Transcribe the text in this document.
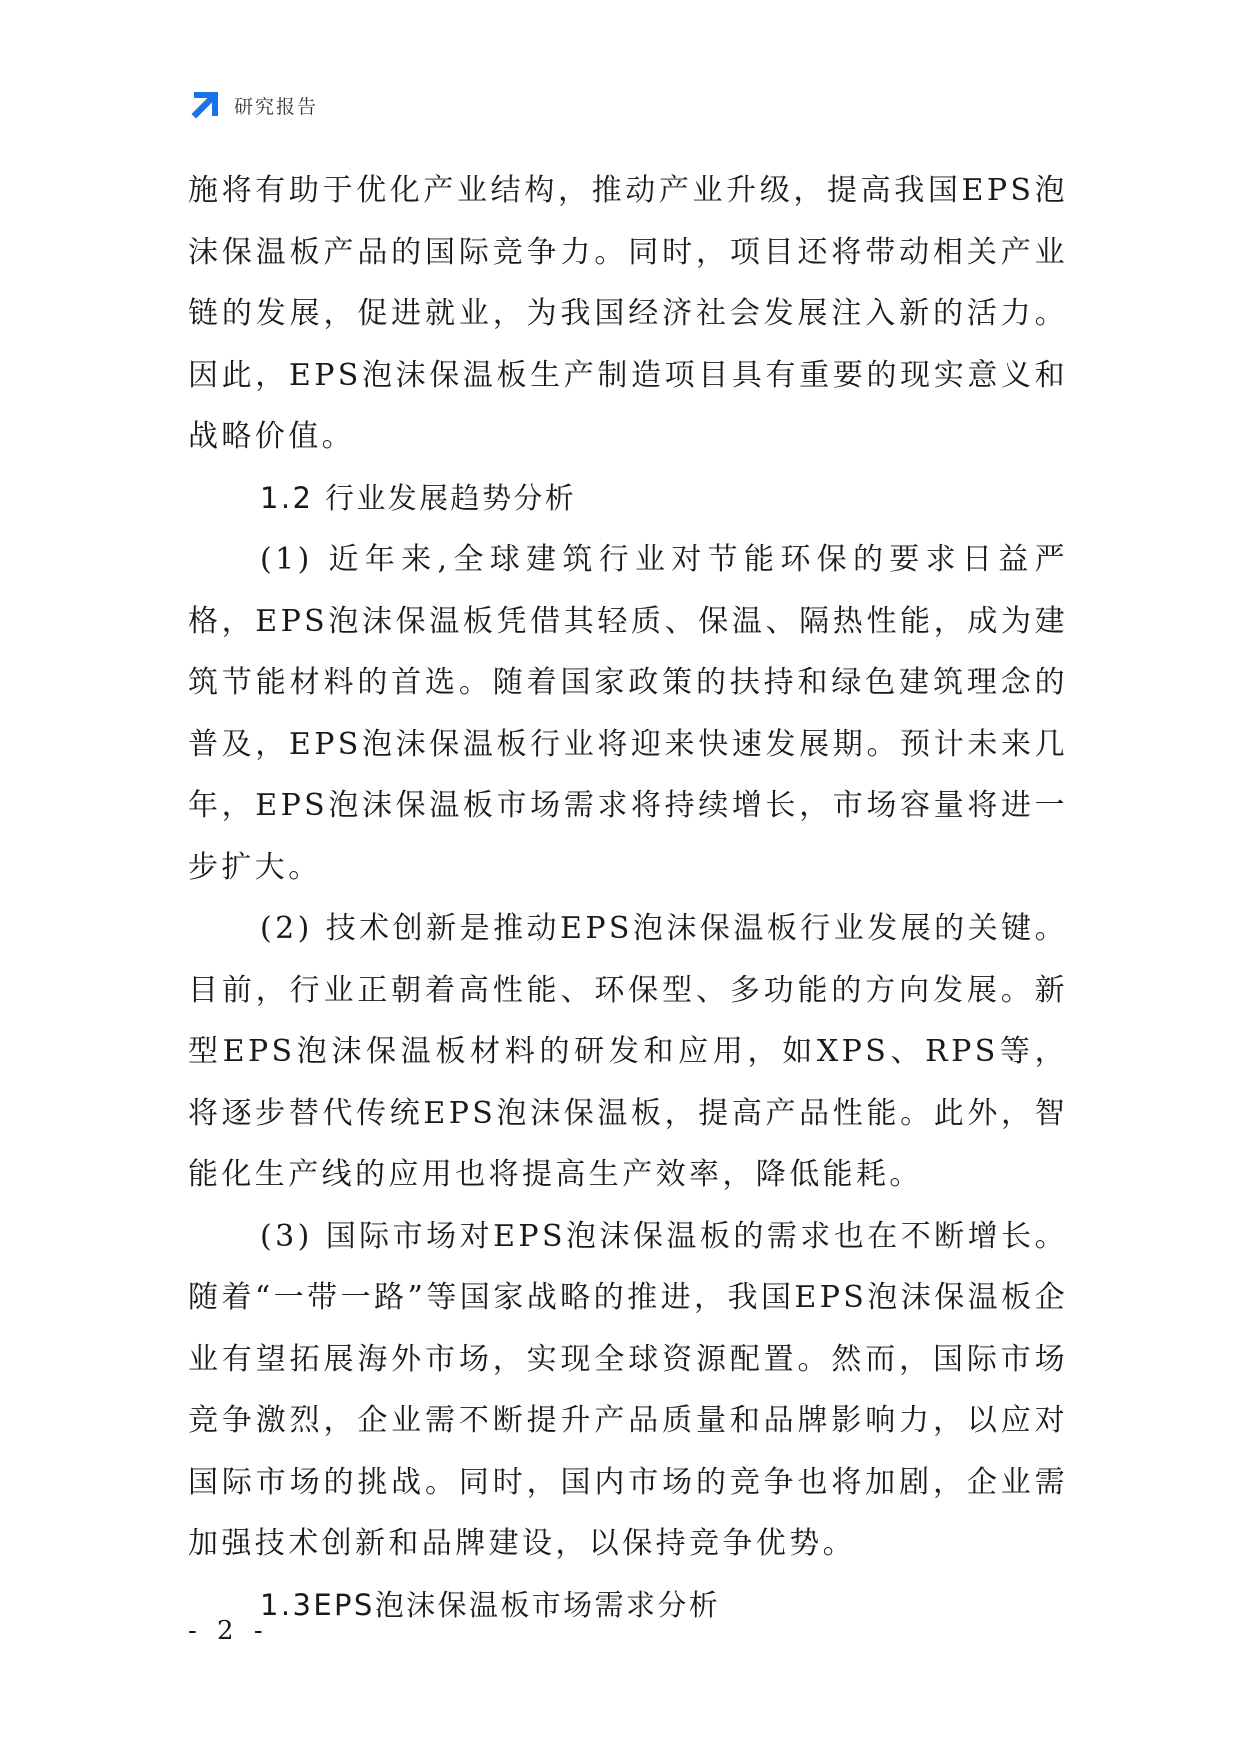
研究报告

施将有助于优化产业结构，推动产业升级，提高我国EPS泡沫保温板产品的国际竞争力。同时，项目还将带动相关产业链的发展，促进就业，为我国经济社会发展注入新的活力。因此，EPS泡沫保温板生产制造项目具有重要的现实意义和战略价值。

1.2 行业发展趋势分析

(1) 近年来,全球建筑行业对节能环保的要求日益严格，EPS泡沫保温板凭借其轻质、保温、隔热性能，成为建筑节能材料的首选。随着国家政策的扶持和绿色建筑理念的普及，EPS泡沫保温板行业将迎来快速发展期。预计未来几年，EPS泡沫保温板市场需求将持续增长，市场容量将进一步扩大。

(2) 技术创新是推动EPS泡沫保温板行业发展的关键。目前，行业正朝着高性能、环保型、多功能的方向发展。新型EPS泡沫保温板材料的研发和应用，如XPS、RPS等，将逐步替代传统EPS泡沫保温板，提高产品性能。此外，智能化生产线的应用也将提高生产效率，降低能耗。

(3) 国际市场对EPS泡沫保温板的需求也在不断增长。随着“一带一路”等国家战略的推进，我国EPS泡沫保温板企业有望拓展海外市场，实现全球资源配置。然而，国际市场竞争激烈，企业需不断提升产品质量和品牌影响力，以应对国际市场的挑战。同时，国内市场的竞争也将加剧，企业需加强技术创新和品牌建设，以保持竞争优势。

1.3EPS泡沫保温板市场需求分析

- 2 -
